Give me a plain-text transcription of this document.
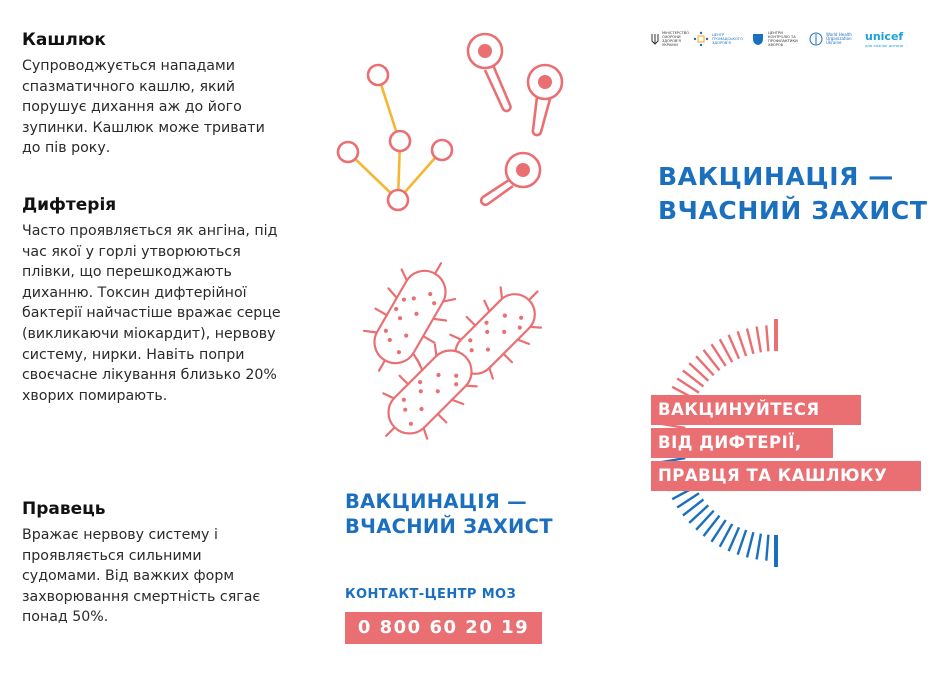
Кашлюк

Супроводжується нападами спазматичного кашлю, який порушує дихання аж до його зупинки. Кашлюк може тривати до пів року.

Дифтерія

Часто проявляється як ангіна, під час якої у горлі утворюються плівки, що перешкоджають диханню. Токсин дифтерійної бактерії найчастіше вражає серце (викликаючи міокардит), нервову систему, нирки. Навіть попри своєчасне лікування близько 20% хворих помирають.

Правець

Вражає нервову систему і проявляється сильними судомами. Від важких форм захворювання смертність сягає понад 50%.

ВАКЦИНАЦІЯ — ВЧАСНИЙ ЗАХИСТ
КОНТАКТ-ЦЕНТР МОЗ
0 800 60 20 19
МІНІСТЕРСТВО ОХОРОНИ ЗДОРОВ'Я УКРАЇНИ
ЦЕНТР ГРОМАДСЬКОГО ЗДОРОВ'Я
ЦЕНТРИ КОНТРОЛЮ ТА ПРОФІЛАКТИКИ ХВОРОБ
World Health Organization
Ukraine	unicef
для кожної дитини
ВАКЦИНАЦІЯ — ВЧАСНИЙ ЗАХИСТ
ВАКЦИНУЙТЕСЯ
ВІД ДИФТЕРІЇ,
ПРАВЦЯ ТА КАШЛЮКУ
